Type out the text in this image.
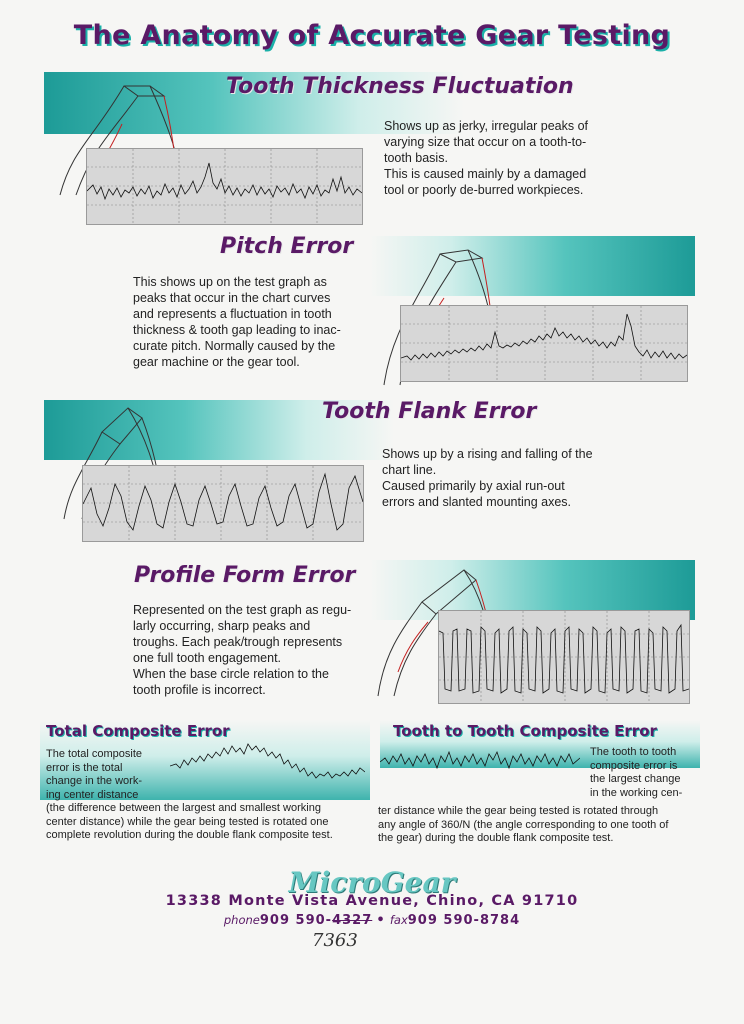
The Anatomy of Accurate Gear Testing
Tooth Thickness Fluctuation
Shows up as jerky, irregular peaks of
varying size that occur on a tooth-to-
tooth basis.
This is caused mainly by a damaged
tool or poorly de-burred workpieces.
Pitch Error
This shows up on the test graph as
peaks that occur in the chart curves
and represents a fluctuation in tooth
thickness & tooth gap leading to inac-
curate pitch. Normally caused by the
gear machine or the gear tool.
Tooth Flank Error
Shows up by a rising and falling of the
chart line.
Caused primarily by axial run-out
errors and slanted mounting axes.
Profile Form Error
Represented on the test graph as regu-
larly occurring, sharp peaks and
troughs. Each peak/trough represents
one full tooth engagement.
When the base circle relation to the
tooth profile is incorrect.
Total Composite Error
The total composite
error is the total
change in the work-
ing center distance
(the difference between the largest and smallest working
center distance) while the gear being tested is rotated one
complete revolution during the double flank composite test.
Tooth to Tooth Composite Error
The tooth to tooth
composite error is
the largest change
in the working cen-
ter distance while the gear being tested is rotated through
any angle of 360/N (the angle corresponding to one tooth of
the gear) during the double flank composite test.
MicroGear
13338 Monte Vista Avenue, Chino, CA 91710
phone909 590-4327 • fax909 590-8784
7363
